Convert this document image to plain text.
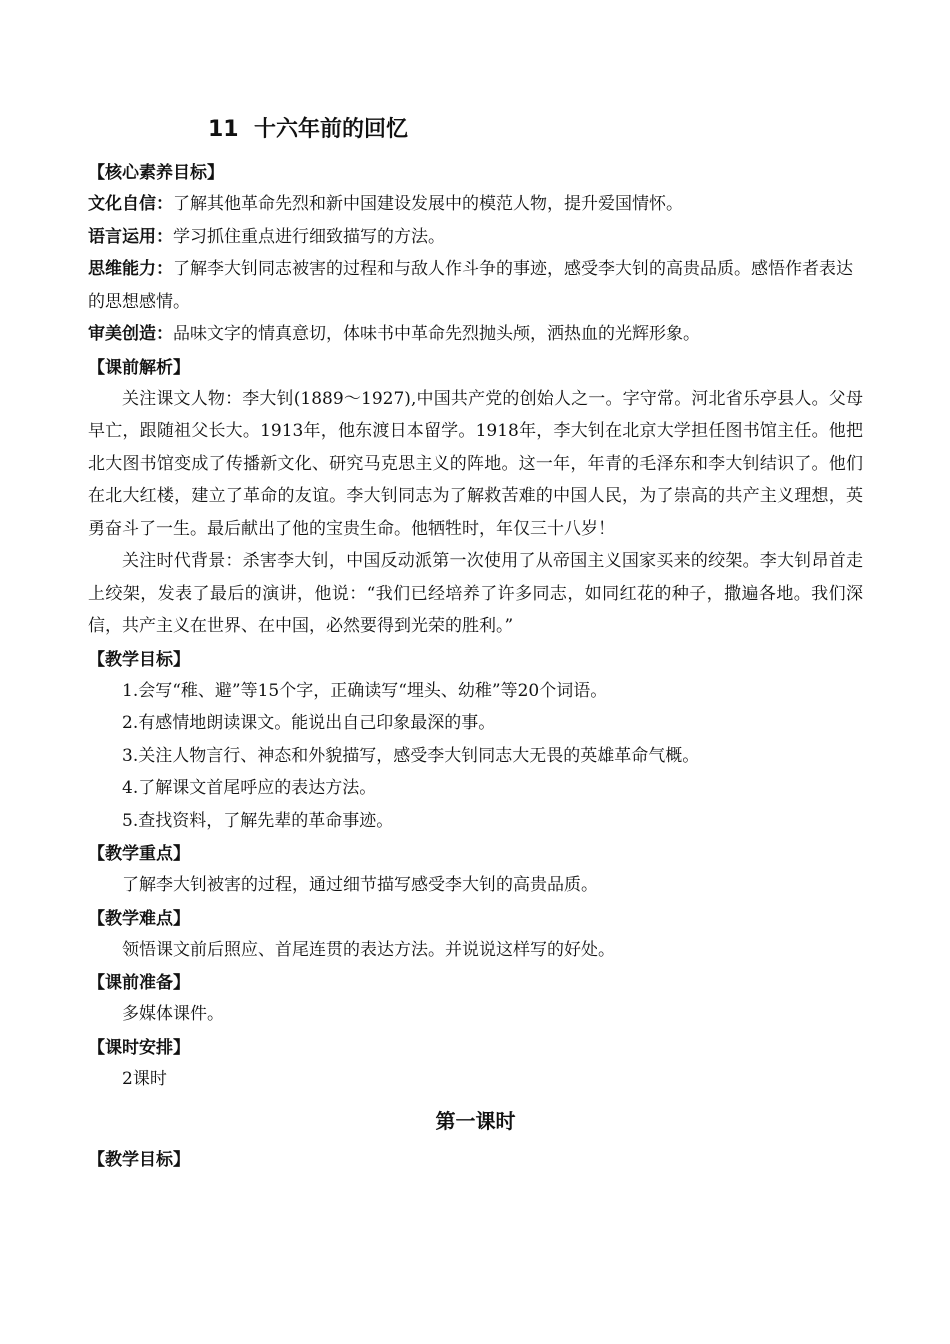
11 十六年前的回忆
【核心素养目标】

文化自信：了解其他革命先烈和新中国建设发展中的模范人物，提升爱国情怀。

语言运用：学习抓住重点进行细致描写的方法。

思维能力：了解李大钊同志被害的过程和与敌人作斗争的事迹，感受李大钊的高贵品质。感悟作者表达的思想感情。

审美创造：品味文字的情真意切，体味书中革命先烈抛头颅，洒热血的光辉形象。

【课前解析】

关注课文人物：李大钊(1889～1927),中国共产党的创始人之一。字守常。河北省乐亭县人。父母早亡，跟随祖父长大。1913年，他东渡日本留学。1918年，李大钊在北京大学担任图书馆主任。他把北大图书馆变成了传播新文化、研究马克思主义的阵地。这一年，年青的毛泽东和李大钊结识了。他们在北大红楼，建立了革命的友谊。李大钊同志为了解救苦难的中国人民，为了崇高的共产主义理想，英勇奋斗了一生。最后献出了他的宝贵生命。他牺牲时，年仅三十八岁！

关注时代背景：杀害李大钊，中国反动派第一次使用了从帝国主义国家买来的绞架。李大钊昂首走上绞架，发表了最后的演讲，他说：“我们已经培养了许多同志，如同红花的种子，撒遍各地。我们深信，共产主义在世界、在中国，必然要得到光荣的胜利。”

【教学目标】

1.会写“稚、避”等15个字，正确读写“埋头、幼稚”等20个词语。

2.有感情地朗读课文。能说出自己印象最深的事。

3.关注人物言行、神态和外貌描写，感受李大钊同志大无畏的英雄革命气概。

4.了解课文首尾呼应的表达方法。

5.查找资料，了解先辈的革命事迹。

【教学重点】

了解李大钊被害的过程，通过细节描写感受李大钊的高贵品质。

【教学难点】

领悟课文前后照应、首尾连贯的表达方法。并说说这样写的好处。

【课前准备】

多媒体课件。

【课时安排】

2课时

第一课时
【教学目标】
